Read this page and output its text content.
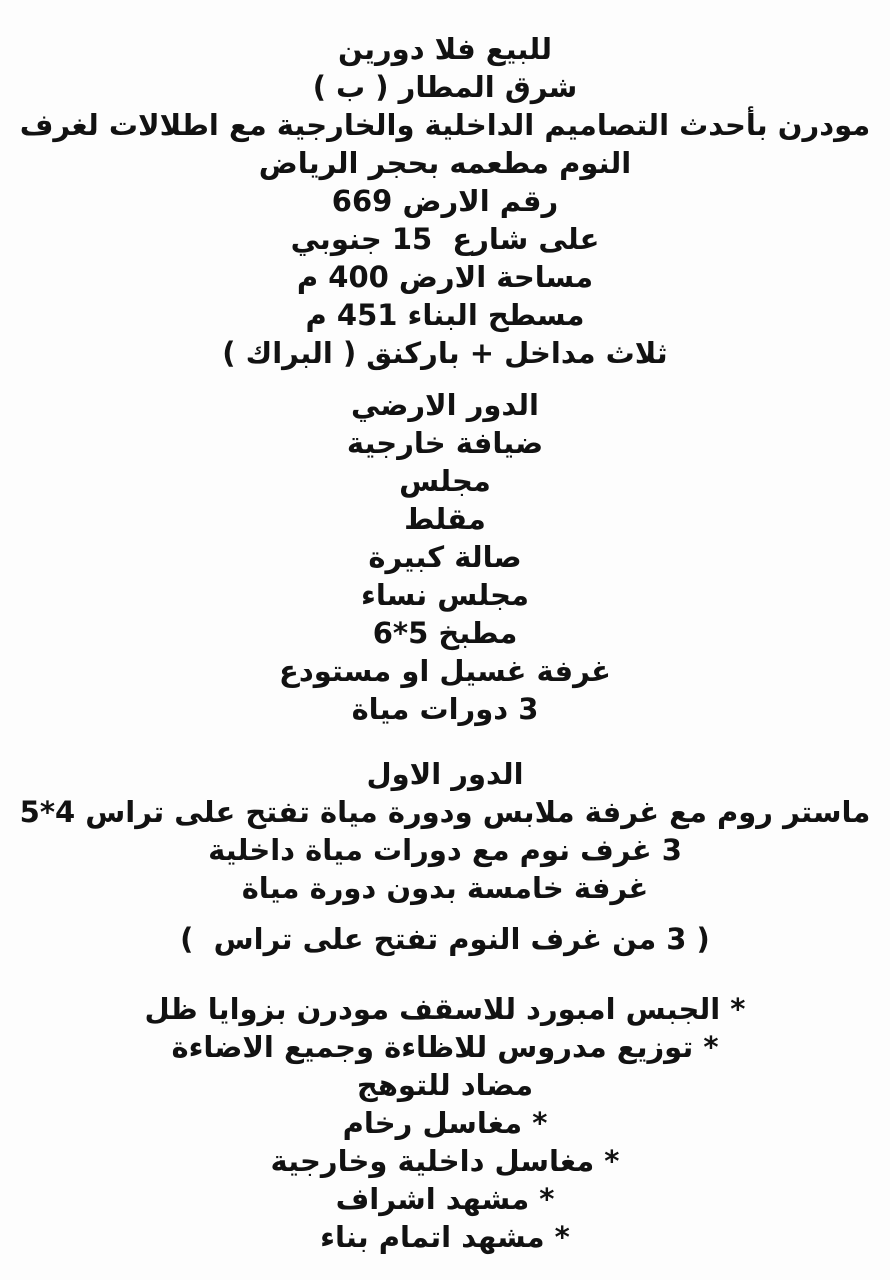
للبيع فلا دورين
شرق المطار ( ب )
مودرن بأحدث التصاميم الداخلية والخارجية مع اطلالات لغرف
النوم مطعمه بحجر الرياض
رقم الارض 669
على شارع  15 جنوبي
مساحة الارض 400 م
مسطح البناء 451 م
ثلاث مداخل + باركنق ( البراك )
الدور الارضي
ضيافة خارجية
مجلس
مقلط
صالة كبيرة
مجلس نساء
مطبخ 5*6
غرفة غسيل او مستودع
3 دورات مياة
الدور الاول
ماستر روم مع غرفة ملابس ودورة مياة تفتح على تراس 4*5
3 غرف نوم مع دورات مياة داخلية
غرفة خامسة بدون دورة مياة
( 3 من غرف النوم تفتح على تراس  )
* الجبس امبورد للاسقف مودرن بزوايا ظل
* توزيع مدروس للاظاءة وجميع الاضاءة
مضاد للتوهج
* مغاسل رخام
* مغاسل داخلية وخارجية
* مشهد اشراف
* مشهد اتمام بناء
